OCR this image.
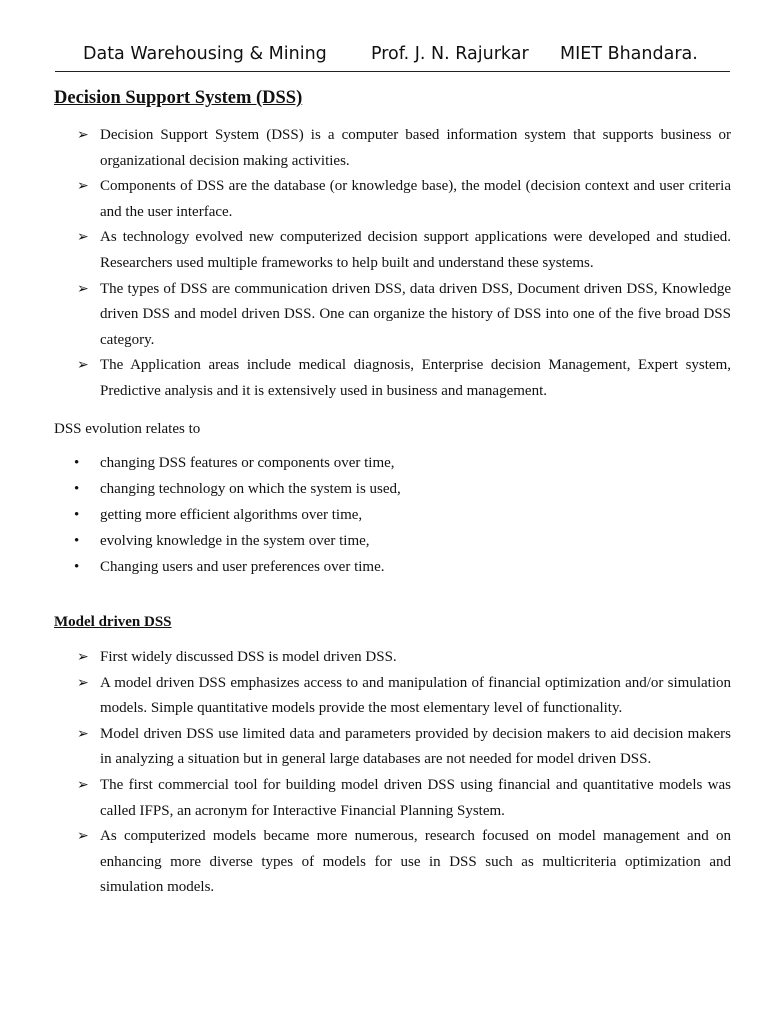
Data Warehousing & Mining	Prof. J. N. Rajurkar MIET Bhandara.
Decision Support System (DSS)
➢ Decision Support System (DSS) is a computer based information system that supports business or organizational decision making activities.
➢ Components of DSS are the database (or knowledge base), the model (decision context and user criteria and the user interface.
➢ As technology evolved new computerized decision support applications were developed and studied. Researchers used multiple frameworks to help built and understand these systems.
➢ The types of DSS are communication driven DSS, data driven DSS, Document driven DSS, Knowledge driven DSS and model driven DSS. One can organize the history of DSS into one of the five broad DSS category.
➢ The Application areas include medical diagnosis, Enterprise decision Management, Expert system, Predictive analysis and it is extensively used in business and management.
DSS evolution relates to
• changing DSS features or components over time,
• changing technology on which the system is used,
• getting more efficient algorithms over time,
• evolving knowledge in the system over time,
• Changing users and user preferences over time.
Model driven DSS
➢ First widely discussed DSS is model driven DSS.
➢ A model driven DSS emphasizes access to and manipulation of financial optimization and/or simulation models. Simple quantitative models provide the most elementary level of functionality.
➢ Model driven DSS use limited data and parameters provided by decision makers to aid decision makers in analyzing a situation but in general large databases are not needed for model driven DSS.
➢ The first commercial tool for building model driven DSS using financial and quantitative models was called IFPS, an acronym for Interactive Financial Planning System.
➢ As computerized models became more numerous, research focused on model management and on enhancing more diverse types of models for use in DSS such as multicriteria optimization and simulation models.
